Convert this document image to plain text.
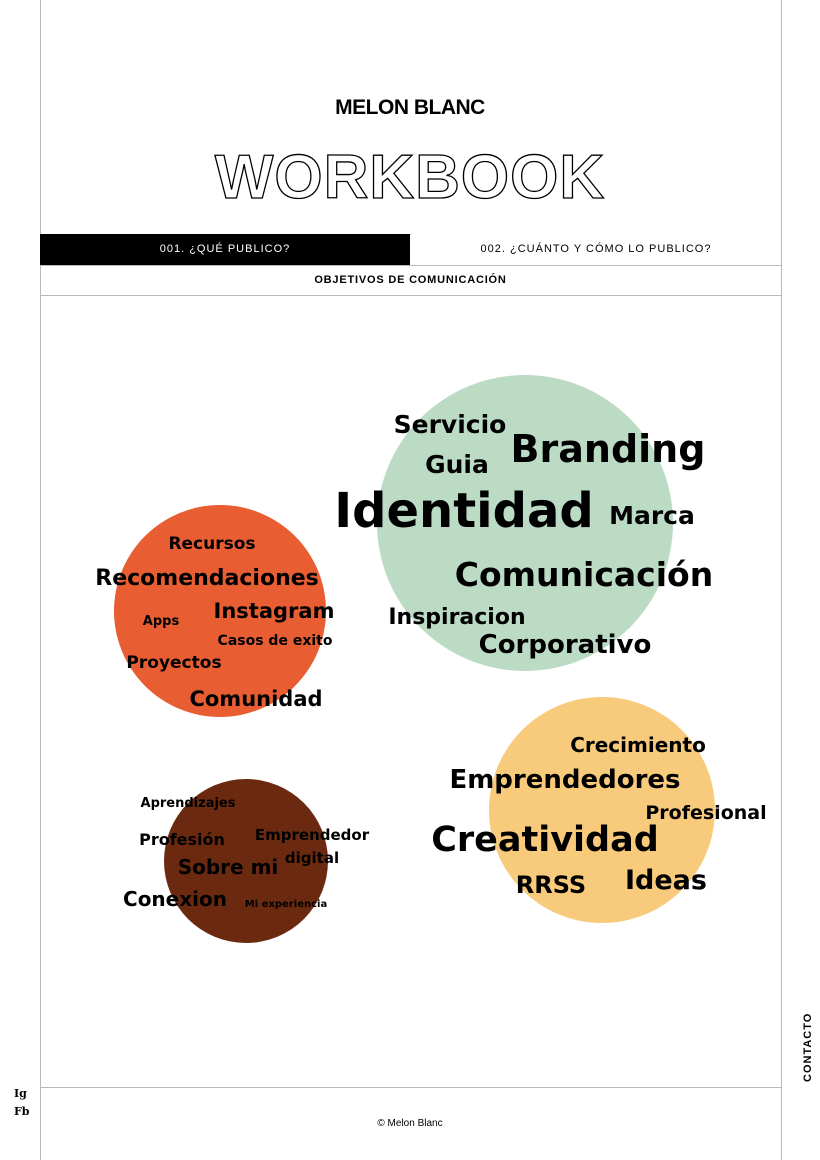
MELON BLANC
WORKBOOK
001. ¿QUÉ PUBLICO?	002. ¿CUÁNTO Y CÓMO LO PUBLICO?
OBJETIVOS DE COMUNICACIÓN
Servicio
Branding
Guia
Identidad Marca
Comunicación
Inspiracion
Corporativo
Recursos
Recomendaciones
Apps Instagram
Casos de exito
Proyectos
Comunidad
Crecimiento
Emprendedores
Profesional
Creatividad
RRSS Ideas
Aprendizajes
Profesión Emprendedor
digital
Sobre mi
Conexion Mi experiencia
Ig
Fb
CONTACTO
© Melon Blanc
